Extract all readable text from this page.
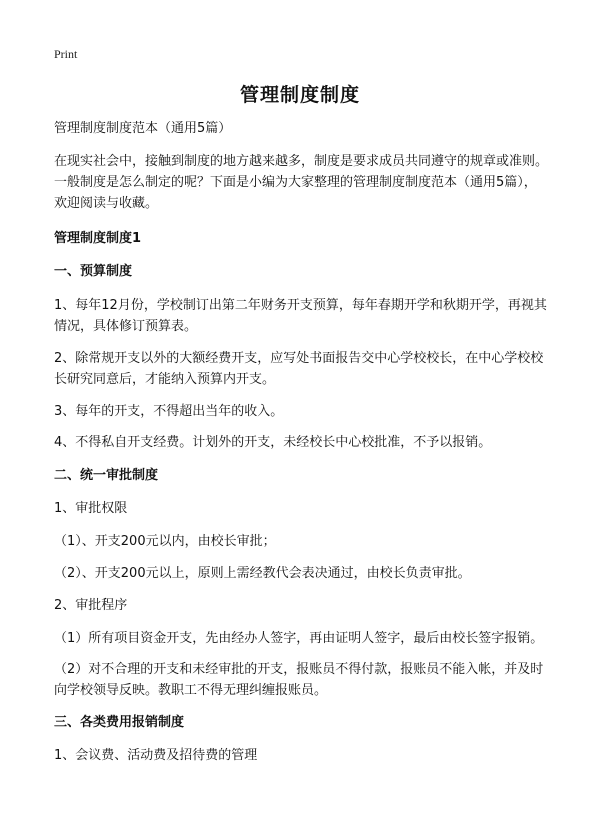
Print
管理制度制度

管理制度制度范本（通用5篇）

在现实社会中，接触到制度的地方越来越多，制度是要求成员共同遵守的规章或准则。一般制度是怎么制定的呢？下面是小编为大家整理的管理制度制度范本（通用5篇），欢迎阅读与收藏。

管理制度制度1

一、预算制度

1、每年12月份，学校制订出第二年财务开支预算，每年春期开学和秋期开学，再视其情况，具体修订预算表。

2、除常规开支以外的大额经费开支，应写处书面报告交中心学校校长，在中心学校校长研究同意后，才能纳入预算内开支。

3、每年的开支，不得超出当年的收入。

4、不得私自开支经费。计划外的开支，未经校长中心校批准，不予以报销。

二、统一审批制度

1、审批权限

（1）、开支200元以内，由校长审批；

（2）、开支200元以上，原则上需经教代会表决通过，由校长负责审批。

2、审批程序

（1）所有项目资金开支，先由经办人签字，再由证明人签字，最后由校长签字报销。

（2）对不合理的开支和未经审批的开支，报账员不得付款，报账员不能入帐，并及时向学校领导反映。教职工不得无理纠缠报账员。

三、各类费用报销制度

1、会议费、活动费及招待费的管理
